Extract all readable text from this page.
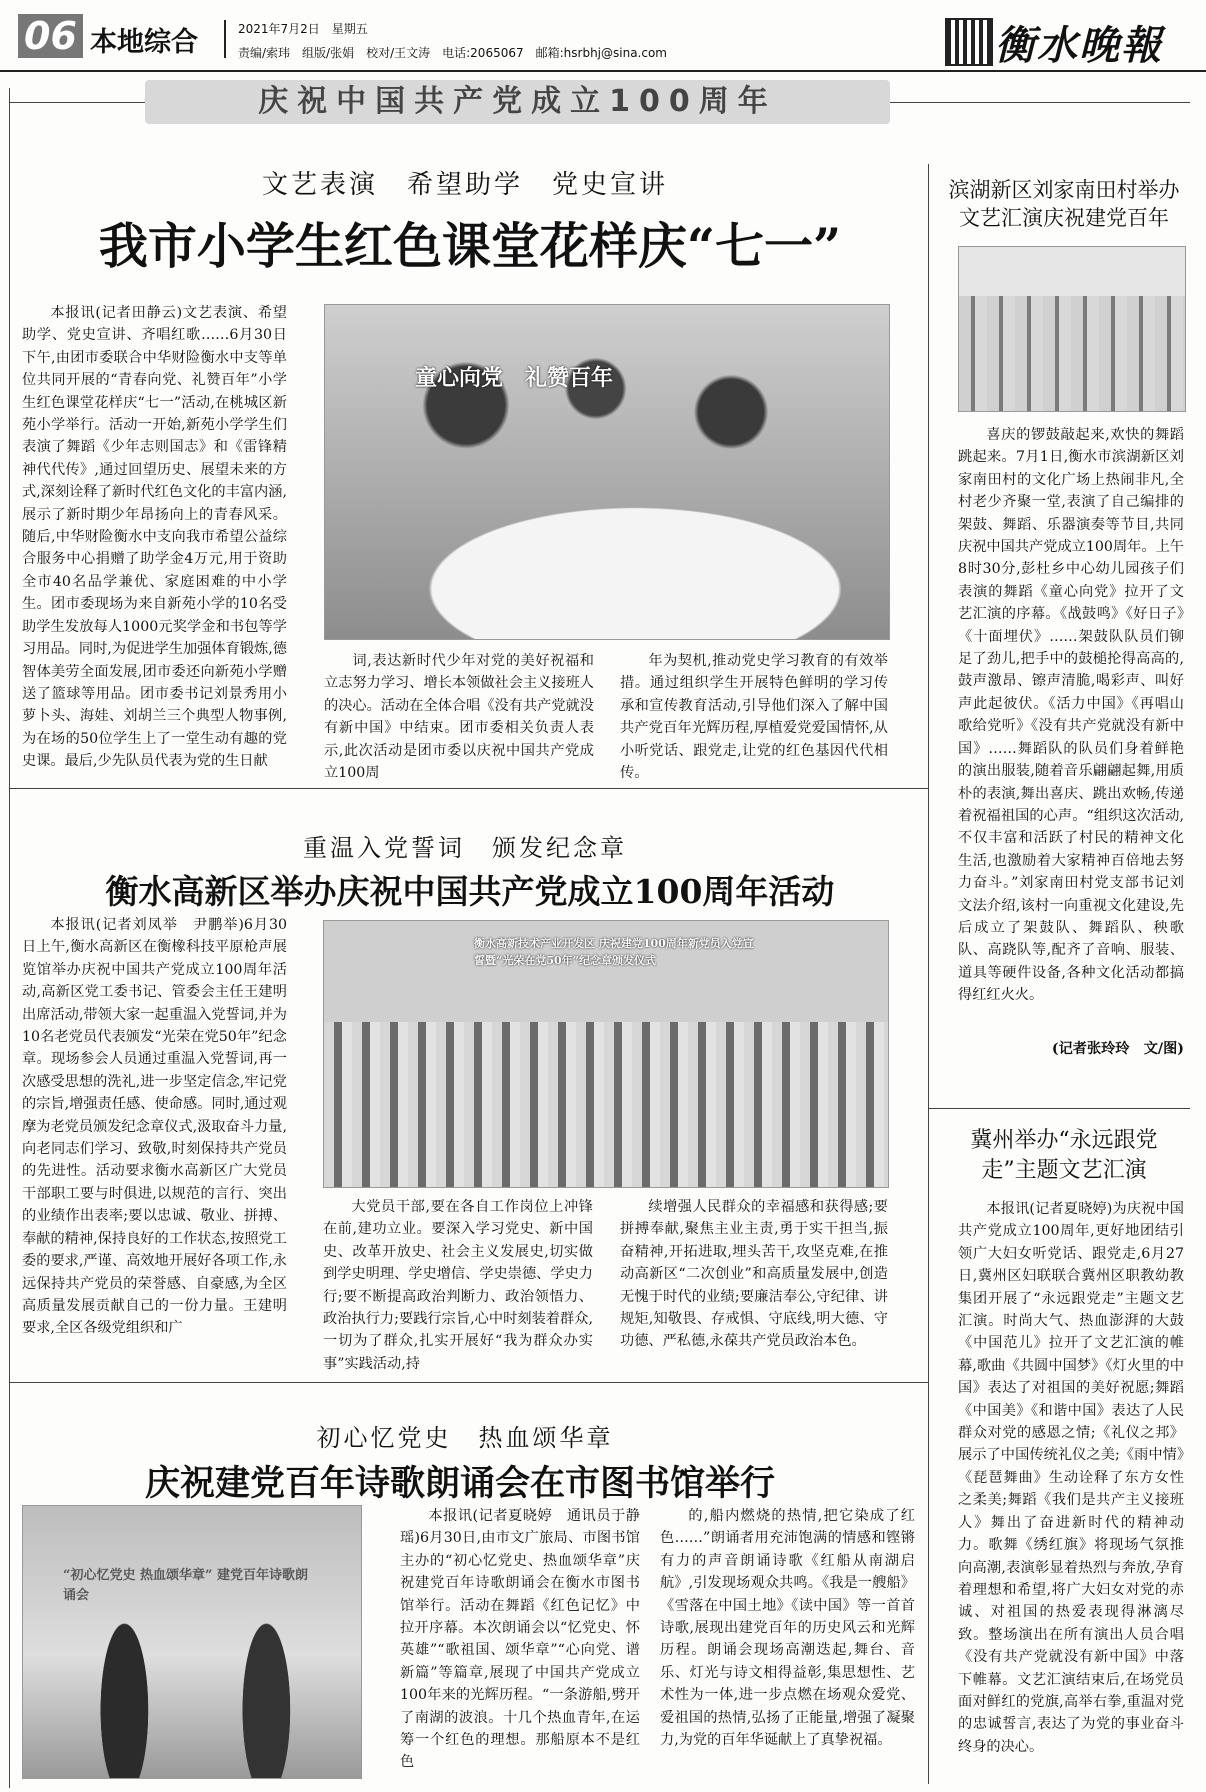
06 本地综合	2021年7月2日　星期五
责编/索玮　组版/张娟　校对/王文涛　电话:2065067　邮箱:hsrbhj@sina.com	衡水晚報
庆祝中国共产党成立100周年
文艺表演　希望助学　党史宣讲
我市小学生红色课堂花样庆“七一”
本报讯(记者田静云)文艺表演、希望助学、党史宣讲、齐唱红歌……6月30日下午,由团市委联合中华财险衡水中支等单位共同开展的“青春向党、礼赞百年”小学生红色课堂花样庆“七一”活动,在桃城区新苑小学举行。活动一开始,新苑小学学生们表演了舞蹈《少年志则国志》和《雷锋精神代代传》,通过回望历史、展望未来的方式,深刻诠释了新时代红色文化的丰富内涵,展示了新时期少年昂扬向上的青春风采。随后,中华财险衡水中支向我市希望公益综合服务中心捐赠了助学金4万元,用于资助全市40名品学兼优、家庭困难的中小学生。团市委现场为来自新苑小学的10名受助学生发放每人1000元奖学金和书包等学习用品。同时,为促进学生加强体育锻炼,德智体美劳全面发展,团市委还向新苑小学赠送了篮球等用品。团市委书记刘景秀用小萝卜头、海娃、刘胡兰三个典型人物事例,为在场的50位学生上了一堂生动有趣的党史课。最后,少先队员代表为党的生日献
童心向党　礼赞百年
词,表达新时代少年对党的美好祝福和立志努力学习、增长本领做社会主义接班人的决心。活动在全体合唱《没有共产党就没有新中国》中结束。团市委相关负责人表示,此次活动是团市委以庆祝中国共产党成立100周
年为契机,推动党史学习教育的有效举措。通过组织学生开展特色鲜明的学习传承和宣传教育活动,引导他们深入了解中国共产党百年光辉历程,厚植爱党爱国情怀,从小听党话、跟党走,让党的红色基因代代相传。
重温入党誓词　颁发纪念章
衡水高新区举办庆祝中国共产党成立100周年活动
本报讯(记者刘凤举　尹鹏举)6月30日上午,衡水高新区在衡橡科技平原枪声展览馆举办庆祝中国共产党成立100周年活动,高新区党工委书记、管委会主任王建明出席活动,带领大家一起重温入党誓词,并为10名老党员代表颁发“光荣在党50年”纪念章。现场参会人员通过重温入党誓词,再一次感受思想的洗礼,进一步坚定信念,牢记党的宗旨,增强责任感、使命感。同时,通过观摩为老党员颁发纪念章仪式,汲取奋斗力量,向老同志们学习、致敬,时刻保持共产党员的先进性。活动要求衡水高新区广大党员干部职工要与时俱进,以规范的言行、突出的业绩作出表率;要以忠诚、敬业、拼搏、奉献的精神,保持良好的工作状态,按照党工委的要求,严谨、高效地开展好各项工作,永远保持共产党员的荣誉感、自豪感,为全区高质量发展贡献自己的一份力量。王建明要求,全区各级党组织和广
衡水高新技术产业开发区 庆祝建党100周年新党员入党宣誓暨“光荣在党50年”纪念章颁发仪式
大党员干部,要在各自工作岗位上冲锋在前,建功立业。要深入学习党史、新中国史、改革开放史、社会主义发展史,切实做到学史明理、学史增信、学史崇德、学史力行;要不断提高政治判断力、政治领悟力、政治执行力;要践行宗旨,心中时刻装着群众,一切为了群众,扎实开展好“我为群众办实事”实践活动,持
续增强人民群众的幸福感和获得感;要拼搏奉献,聚焦主业主责,勇于实干担当,振奋精神,开拓进取,埋头苦干,攻坚克难,在推动高新区“二次创业”和高质量发展中,创造无愧于时代的业绩;要廉洁奉公,守纪律、讲规矩,知敬畏、存戒惧、守底线,明大德、守功德、严私德,永葆共产党员政治本色。
初心忆党史　热血颂华章
庆祝建党百年诗歌朗诵会在市图书馆举行
“初心忆党史 热血颂华章” 建党百年诗歌朗诵会
本报讯(记者夏晓婷　通讯员于静瑶)6月30日,由市文广旅局、市图书馆主办的“初心忆党史、热血颂华章”庆祝建党百年诗歌朗诵会在衡水市图书馆举行。活动在舞蹈《红色记忆》中拉开序幕。本次朗诵会以“忆党史、怀英雄”“歌祖国、颂华章”“心向党、谱新篇”等篇章,展现了中国共产党成立100年来的光辉历程。“一条游船,劈开了南湖的波浪。十几个热血青年,在运筹一个红色的理想。那船原本不是红色
的,船内燃烧的热情,把它染成了红色……”朗诵者用充沛饱满的情感和铿锵有力的声音朗诵诗歌《红船从南湖启航》,引发现场观众共鸣。《我是一艘船》《雪落在中国土地》《读中国》等一首首诗歌,展现出建党百年的历史风云和光辉历程。朗诵会现场高潮迭起,舞台、音乐、灯光与诗文相得益彰,集思想性、艺术性为一体,进一步点燃在场观众爱党、爱祖国的热情,弘扬了正能量,增强了凝聚力,为党的百年华诞献上了真挚祝福。
滨湖新区刘家南田村举办文艺汇演庆祝建党百年
喜庆的锣鼓敲起来,欢快的舞蹈跳起来。7月1日,衡水市滨湖新区刘家南田村的文化广场上热闹非凡,全村老少齐聚一堂,表演了自己编排的架鼓、舞蹈、乐器演奏等节目,共同庆祝中国共产党成立100周年。上午8时30分,彭杜乡中心幼儿园孩子们表演的舞蹈《童心向党》拉开了文艺汇演的序幕。《战鼓鸣》《好日子》《十面埋伏》……架鼓队队员们铆足了劲儿,把手中的鼓槌抡得高高的,鼓声激昂、镲声清脆,喝彩声、叫好声此起彼伏。《活力中国》《再唱山歌给党听》《没有共产党就没有新中国》……舞蹈队的队员们身着鲜艳的演出服装,随着音乐翩翩起舞,用质朴的表演,舞出喜庆、跳出欢畅,传递着祝福祖国的心声。“组织这次活动,不仅丰富和活跃了村民的精神文化生活,也激励着大家精神百倍地去努力奋斗。”刘家南田村党支部书记刘文法介绍,该村一向重视文化建设,先后成立了架鼓队、舞蹈队、秧歌队、高跷队等,配齐了音响、服装、道具等硬件设备,各种文化活动都搞得红红火火。
(记者张玲玲　文/图)
冀州举办“永远跟党走”主题文艺汇演
本报讯(记者夏晓婷)为庆祝中国共产党成立100周年,更好地团结引领广大妇女听党话、跟党走,6月27日,冀州区妇联联合冀州区职教幼教集团开展了“永远跟党走”主题文艺汇演。时尚大气、热血澎湃的大鼓《中国范儿》拉开了文艺汇演的帷幕,歌曲《共圆中国梦》《灯火里的中国》表达了对祖国的美好祝愿;舞蹈《中国美》《和谐中国》表达了人民群众对党的感恩之情;《礼仪之邦》展示了中国传统礼仪之美;《雨中情》《琵琶舞曲》生动诠释了东方女性之柔美;舞蹈《我们是共产主义接班人》舞出了奋进新时代的精神动力。歌舞《绣红旗》将现场气氛推向高潮,表演彰显着热烈与奔放,孕育着理想和希望,将广大妇女对党的赤诚、对祖国的热爱表现得淋漓尽致。整场演出在所有演出人员合唱《没有共产党就没有新中国》中落下帷幕。文艺汇演结束后,在场党员面对鲜红的党旗,高举右拳,重温对党的忠诚誓言,表达了为党的事业奋斗终身的决心。
